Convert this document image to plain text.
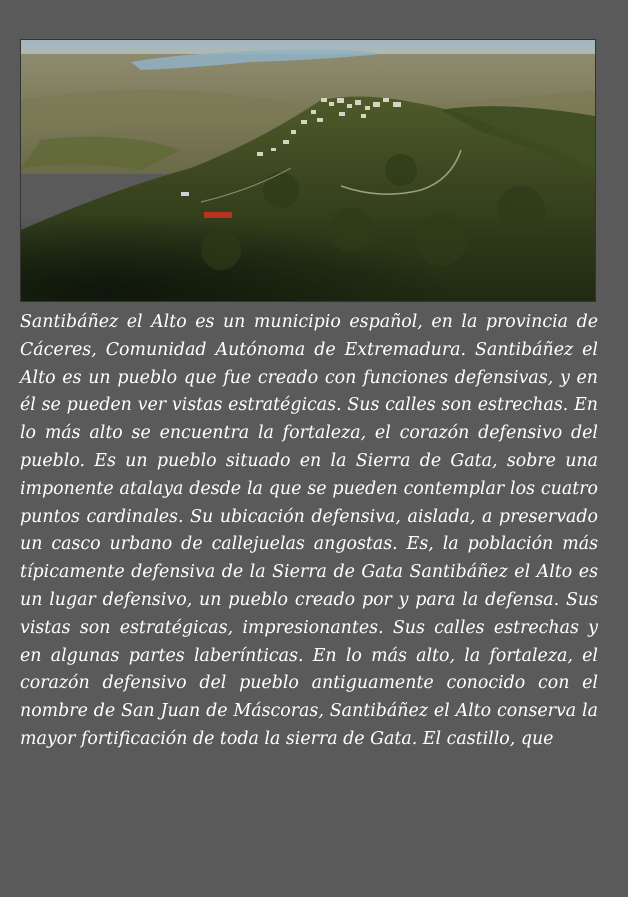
Santibáñez el Alto es un municipio español, en la provincia de Cáceres, Comunidad Autónoma de Extremadura. Santibáñez el Alto es un pueblo que fue creado con funciones defensivas, y en él se pueden ver vistas estratégicas. Sus calles son estrechas. En lo más alto se encuentra la fortaleza, el corazón defensivo del pueblo. Es un pueblo situado en la Sierra de Gata, sobre una imponente atalaya desde la que se pueden contemplar los cuatro puntos cardinales. Su ubicación defensiva, aislada, a preservado un casco urbano de callejuelas angostas. Es, la población más típicamente defensiva de la Sierra de Gata Santibáñez el Alto es un lugar defensivo, un pueblo creado por y para la defensa. Sus vistas son estratégicas, impresionantes. Sus calles estrechas y en algunas partes laberínticas. En lo más alto, la fortaleza, el corazón defensivo del pueblo antiguamente conocido con el nombre de San Juan de Máscoras, Santibáñez el Alto conserva la mayor fortificación de toda la sierra de Gata. El castillo, que
